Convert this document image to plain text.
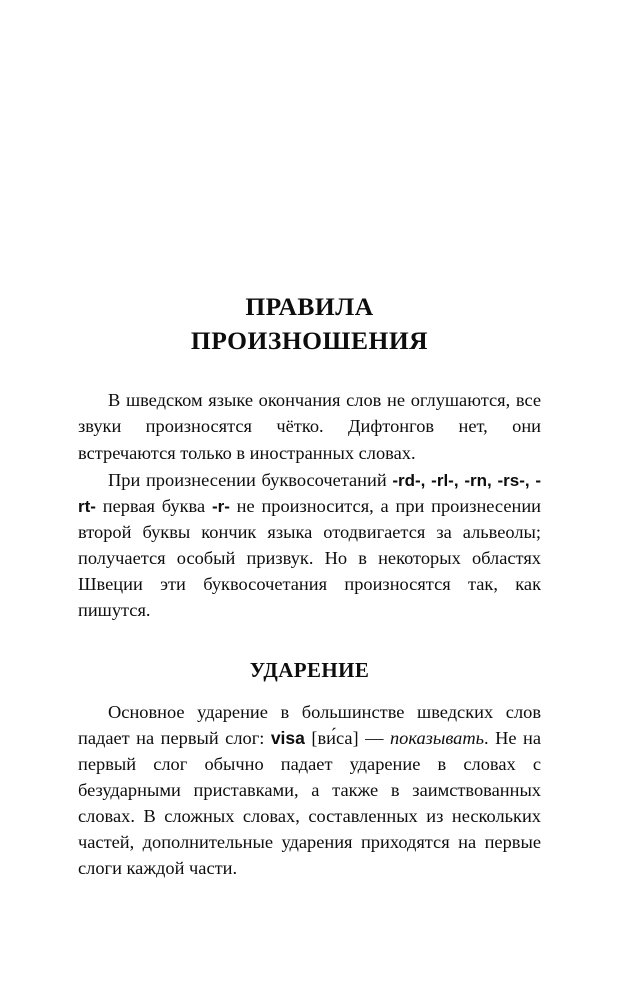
ПРАВИЛА
ПРОИЗНОШЕНИЯ

В шведском языке окончания слов не оглушаются, все звуки произносятся чётко. Дифтонгов нет, они встречаются только в иностранных словах.

При произнесении буквосочетаний -rd-, -rl-, -rn, -rs-, -rt- первая буква -r- не произносится, а при произнесении второй буквы кончик языка отодвигается за альвеолы; получается особый призвук. Но в некоторых областях Швеции эти буквосочетания произносятся так, как пишутся.

УДАРЕНИЕ

Основное ударение в большинстве шведских слов падает на первый слог: visa [ви́са] — показывать. Не на первый слог обычно падает ударение в словах с безударными приставками, а также в заимствованных словах. В сложных словах, составленных из нескольких частей, дополнительные ударения приходятся на первые слоги каждой части.
